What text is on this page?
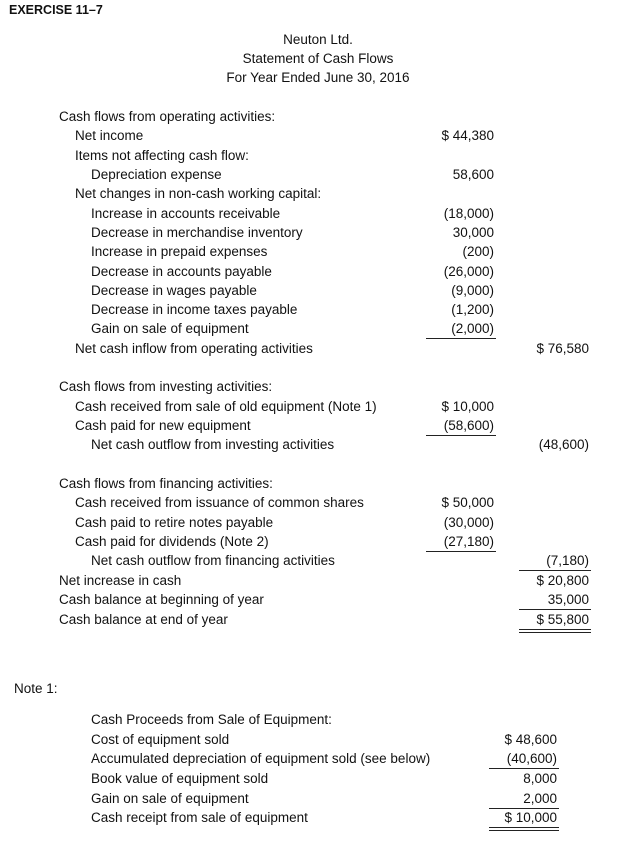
EXERCISE 11–7
Neuton Ltd.
Statement of Cash Flows
For Year Ended June 30, 2016
Cash flows from operating activities:
Net income	$ 44,380
Items not affecting cash flow:
Depreciation expense	58,600
Net changes in non-cash working capital:
Increase in accounts receivable	(18,000)
Decrease in merchandise inventory	30,000
Increase in prepaid expenses	(200)
Decrease in accounts payable	(26,000)
Decrease in wages payable	(9,000)
Decrease in income taxes payable	(1,200)
Gain on sale of equipment	(2,000)
Net cash inflow from operating activities	$ 76,580
Cash flows from investing activities:
Cash received from sale of old equipment (Note 1)	$ 10,000
Cash paid for new equipment	(58,600)
Net cash outflow from investing activities	(48,600)
Cash flows from financing activities:
Cash received from issuance of common shares	$ 50,000
Cash paid to retire notes payable	(30,000)
Cash paid for dividends (Note 2)	(27,180)
Net cash outflow from financing activities	(7,180)
Net increase in cash	$ 20,800
Cash balance at beginning of year	35,000
Cash balance at end of year	$ 55,800
Note 1:
Cash Proceeds from Sale of Equipment:
Cost of equipment sold	$ 48,600
Accumulated depreciation of equipment sold (see below)	(40,600)
Book value of equipment sold	8,000
Gain on sale of equipment	2,000
Cash receipt from sale of equipment	$ 10,000
